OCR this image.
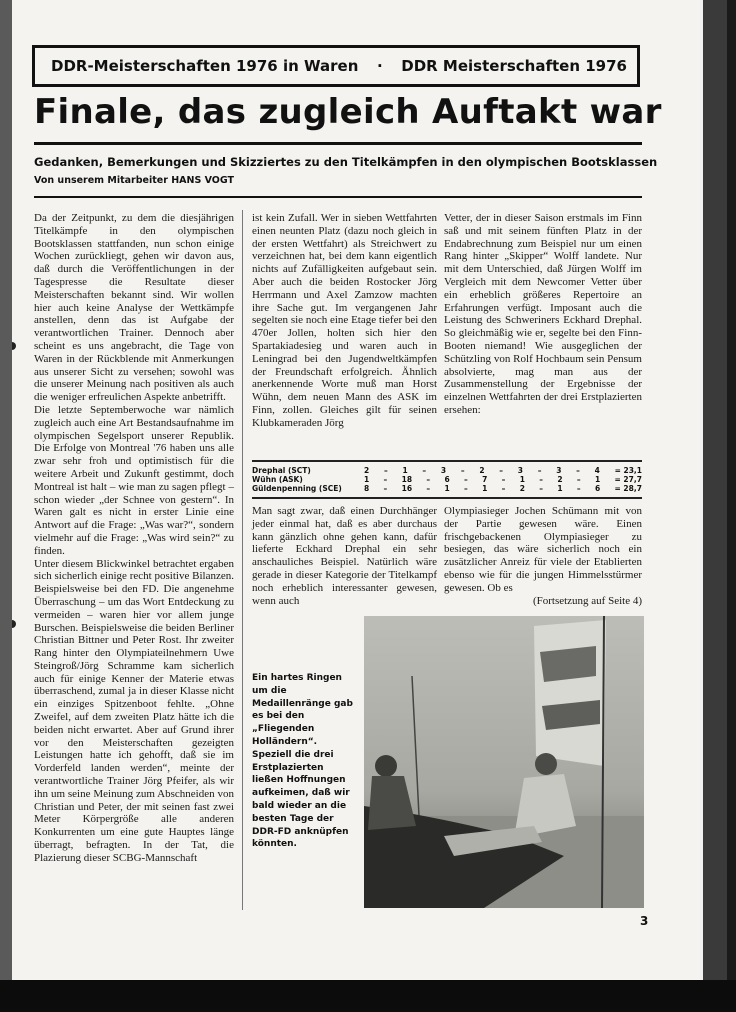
DDR-Meisterschaften 1976 in Waren · DDR Meisterschaften 1976
Finale, das zugleich Auftakt war
Gedanken, Bemerkungen und Skizziertes zu den Titelkämpfen in den olympischen Bootsklassen
Von unserem Mitarbeiter HANS VOGT

Da der Zeitpunkt, zu dem die diesjährigen Titelkämpfe in den olympischen Bootsklassen stattfanden, nun schon einige Wochen zurückliegt, gehen wir davon aus, daß durch die Veröffentlichungen in der Tagespresse die Resultate dieser Meisterschaften bekannt sind. Wir wollen hier auch keine Analyse der Wettkämpfe anstellen, denn das ist Aufgabe der verantwortlichen Trainer. Dennoch aber scheint es uns angebracht, die Tage von Waren in der Rückblende mit Anmerkungen aus unserer Sicht zu versehen; sowohl was die unserer Meinung nach positiven als auch die weniger erfreulichen Aspekte anbetrifft.

Die letzte Septemberwoche war nämlich zugleich auch eine Art Bestandsaufnahme im olympischen Segelsport unserer Republik. Die Erfolge von Montreal '76 haben uns alle zwar sehr froh und optimistisch für die weitere Arbeit und Zukunft gestimmt, doch Montreal ist halt – wie man zu sagen pflegt – schon wieder „der Schnee von gestern“. In Waren galt es nicht in erster Linie eine Antwort auf die Frage: „Was war?“, sondern vielmehr auf die Frage: „Was wird sein?“ zu finden.

Unter diesem Blickwinkel betrachtet ergaben sich sicherlich einige recht positive Bilanzen. Beispielsweise bei den FD. Die angenehme Überraschung – um das Wort Entdeckung zu vermeiden – waren hier vor allem junge Burschen. Beispielsweise die beiden Berliner Christian Bittner und Peter Rost. Ihr zweiter Rang hinter den Olympiateilnehmern Uwe Steingroß/Jörg Schramme kam sicherlich auch für einige Kenner der Materie etwas überraschend, zumal ja in dieser Klasse nicht ein einziges Spitzenboot fehlte. „Ohne Zweifel, auf dem zweiten Platz hätte ich die beiden nicht erwartet. Aber auf Grund ihrer vor den Meisterschaften gezeigten Leistungen hatte ich gehofft, daß sie im Vorderfeld landen werden“, meinte der verantwortliche Trainer Jörg Pfeifer, als wir ihn um seine Meinung zum Abschneiden von Christian und Peter, der mit seinen fast zwei Meter Körpergröße alle anderen Konkurrenten um eine gute Hauptes länge überragt, befragten. In der Tat, die Plazierung dieser SCBG-Mannschaft

ist kein Zufall. Wer in sieben Wettfahrten einen neunten Platz (dazu noch gleich in der ersten Wettfahrt) als Streichwert zu verzeichnen hat, bei dem kann eigentlich nichts auf Zufälligkeiten aufgebaut sein. Aber auch die beiden Rostocker Jörg Herrmann und Axel Zamzow machten ihre Sache gut. Im vergangenen Jahr segelten sie noch eine Etage tiefer bei den 470er Jollen, holten sich hier den Spartakiadesieg und waren auch in Leningrad bei den Jugendweltkämpfen der Freundschaft erfolgreich. Ähnlich anerkennende Worte muß man Horst Wühn, dem neuen Mann des ASK im Finn, zollen. Gleiches gilt für seinen Klubkameraden Jörg

Vetter, der in dieser Saison erstmals im Finn saß und mit seinem fünften Platz in der Endabrechnung zum Beispiel nur um einen Rang hinter „Skipper“ Wolff landete. Nur mit dem Unterschied, daß Jürgen Wolff im Vergleich mit dem Newcomer Vetter über ein erheblich größeres Repertoire an Erfahrungen verfügt. Imposant auch die Leistung des Schweriners Eckhard Drephal. So gleichmäßig wie er, segelte bei den Finn-Booten niemand! Wie ausgeglichen der Schützling von Rolf Hochbaum sein Pensum absolvierte, mag man aus der Zusammenstellung der Ergebnisse der einzelnen Wettfahrten der drei Erstplazierten ersehen:

Drephal (SCT)	2 – 1 – 3 – 2 – 3 – 3 – 4 = 23,1
Wühn (ASK)	1 – 18 – 6 – 7 – 1 – 2 – 1 = 27,7
Güldenpenning (SCE)	8 – 16 – 1 – 1 – 2 – 1 – 6 = 28,7

Man sagt zwar, daß einen Durchhänger jeder einmal hat, daß es aber durchaus kann gänzlich ohne gehen kann, dafür lieferte Eckhard Drephal ein sehr anschauliches Beispiel. Natürlich wäre gerade in dieser Kategorie der Titelkampf noch erheblich interessanter gewesen, wenn auch

Olympiasieger Jochen Schümann mit von der Partie gewesen wäre. Einen frischgebackenen Olympiasieger zu besiegen, das wäre sicherlich noch ein zusätzlicher Anreiz für viele der Etablierten ebenso wie für die jungen Himmelsstürmer gewesen. Ob es

(Fortsetzung auf Seite 4)

Ein hartes Ringen um die Medaillenränge gab es bei den „Fliegenden Holländern“. Speziell die drei Erstplazierten ließen Hoffnungen aufkeimen, daß wir bald wieder an die besten Tage der DDR-FD anknüpfen könnten.
3
